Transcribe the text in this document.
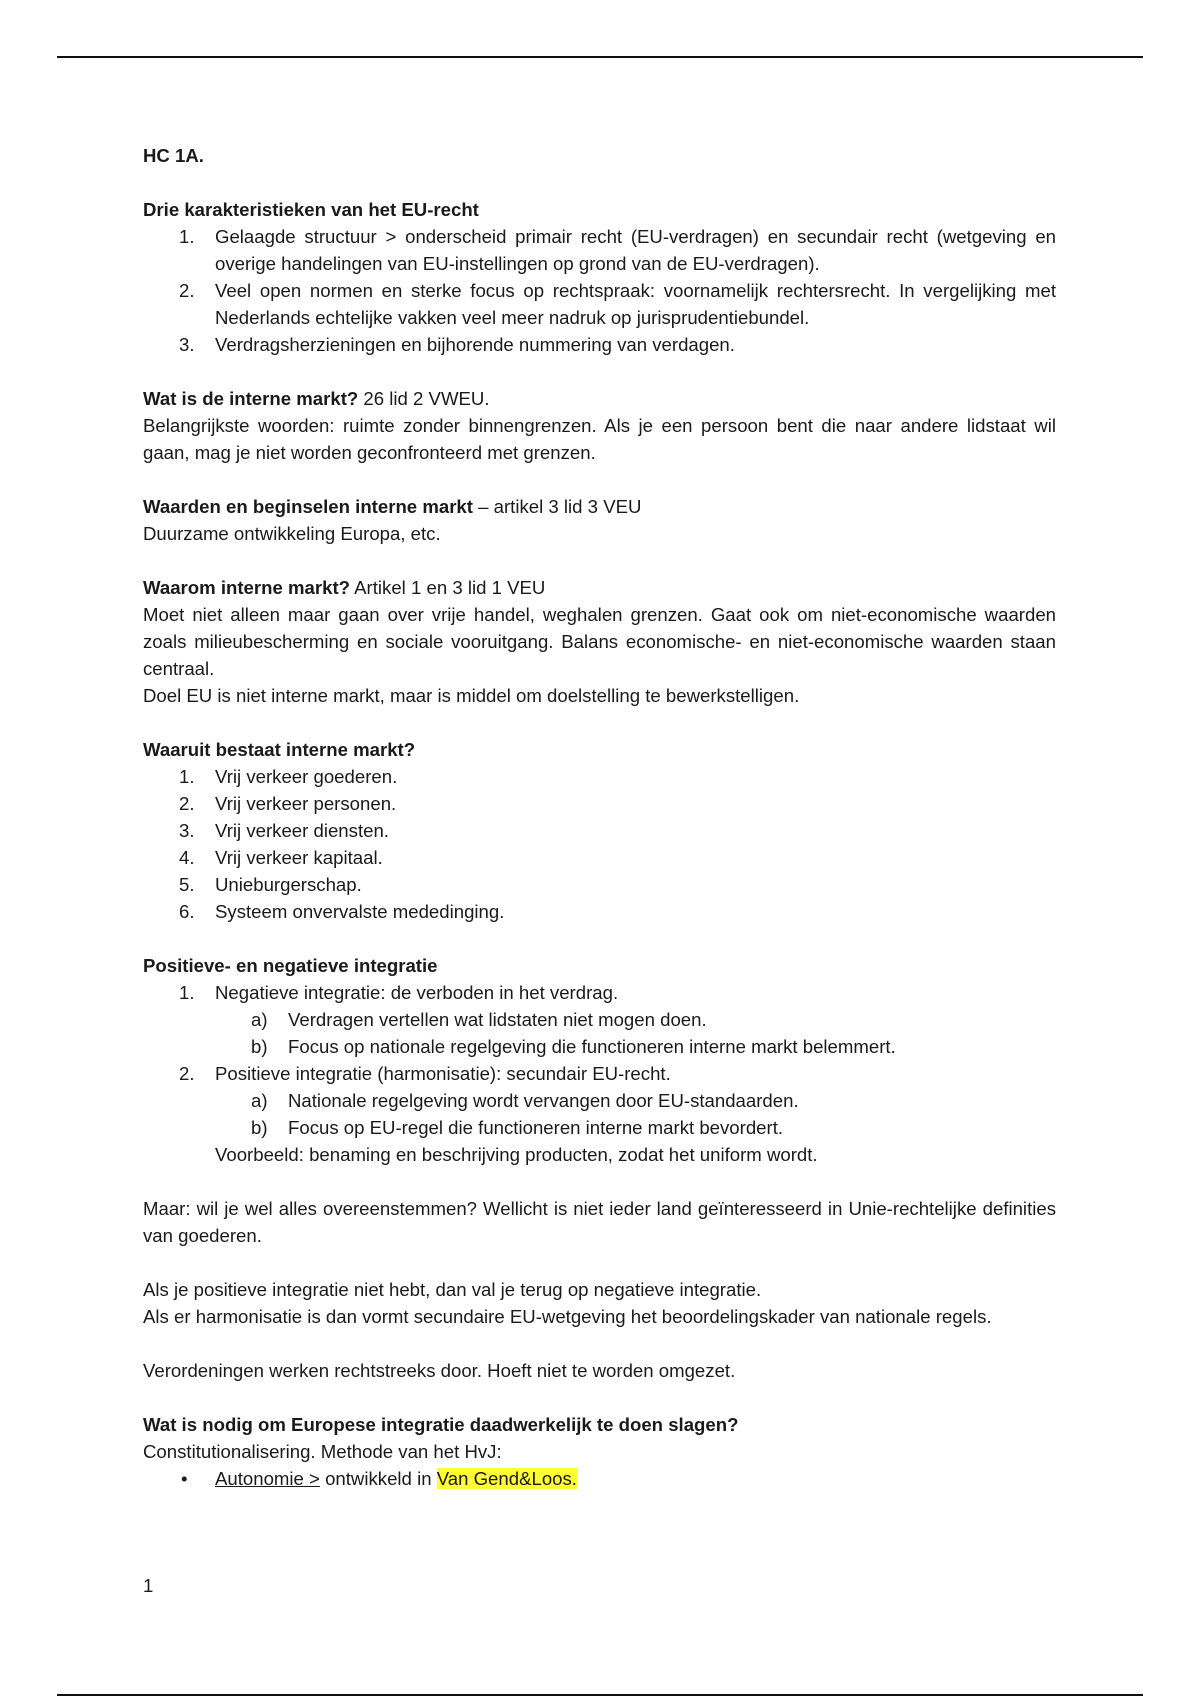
HC 1A.

Drie karakteristieken van het EU-recht

1.	Gelaagde structuur > onderscheid primair recht (EU-verdragen) en secundair recht (wetgeving en overige handelingen van EU-instellingen op grond van de EU-verdragen).
2.	Veel open normen en sterke focus op rechtspraak: voornamelijk rechtersrecht. In vergelijking met Nederlands echtelijke vakken veel meer nadruk op jurisprudentiebundel.
3.	Verdragsherzieningen en bijhorende nummering van verdagen.

Wat is de interne markt? 26 lid 2 VWEU.

Belangrijkste woorden: ruimte zonder binnengrenzen. Als je een persoon bent die naar andere lidstaat wil gaan, mag je niet worden geconfronteerd met grenzen.

Waarden en beginselen interne markt – artikel 3 lid 3 VEU

Duurzame ontwikkeling Europa, etc.

Waarom interne markt? Artikel 1 en 3 lid 1 VEU

Moet niet alleen maar gaan over vrije handel, weghalen grenzen. Gaat ook om niet-economische waarden zoals milieubescherming en sociale vooruitgang. Balans economische- en niet-economische waarden staan centraal.

Doel EU is niet interne markt, maar is middel om doelstelling te bewerkstelligen.

Waaruit bestaat interne markt?

1.	Vrij verkeer goederen.
2.	Vrij verkeer personen.
3.	Vrij verkeer diensten.
4.	Vrij verkeer kapitaal.
5.	Unieburgerschap.
6.	Systeem onvervalste mededinging.

Positieve- en negatieve integratie

1.	Negatieve integratie: de verboden in het verdrag.
a) Verdragen vertellen wat lidstaten niet mogen doen.
b) Focus op nationale regelgeving die functioneren interne markt belemmert.
2.	Positieve integratie (harmonisatie): secundair EU-recht.
a) Nationale regelgeving wordt vervangen door EU-standaarden.
b) Focus op EU-regel die functioneren interne markt bevordert.

Voorbeeld: benaming en beschrijving producten, zodat het uniform wordt.

Maar: wil je wel alles overeenstemmen? Wellicht is niet ieder land geïnteresseerd in Unie-rechtelijke definities van goederen.

Als je positieve integratie niet hebt, dan val je terug op negatieve integratie.

Als er harmonisatie is dan vormt secundaire EU-wetgeving het beoordelingskader van nationale regels.

Verordeningen werken rechtstreeks door. Hoeft niet te worden omgezet.

Wat is nodig om Europese integratie daadwerkelijk te doen slagen?

Constitutionalisering. Methode van het HvJ:

•	Autonomie > ontwikkeld in Van Gend&Loos.
1
